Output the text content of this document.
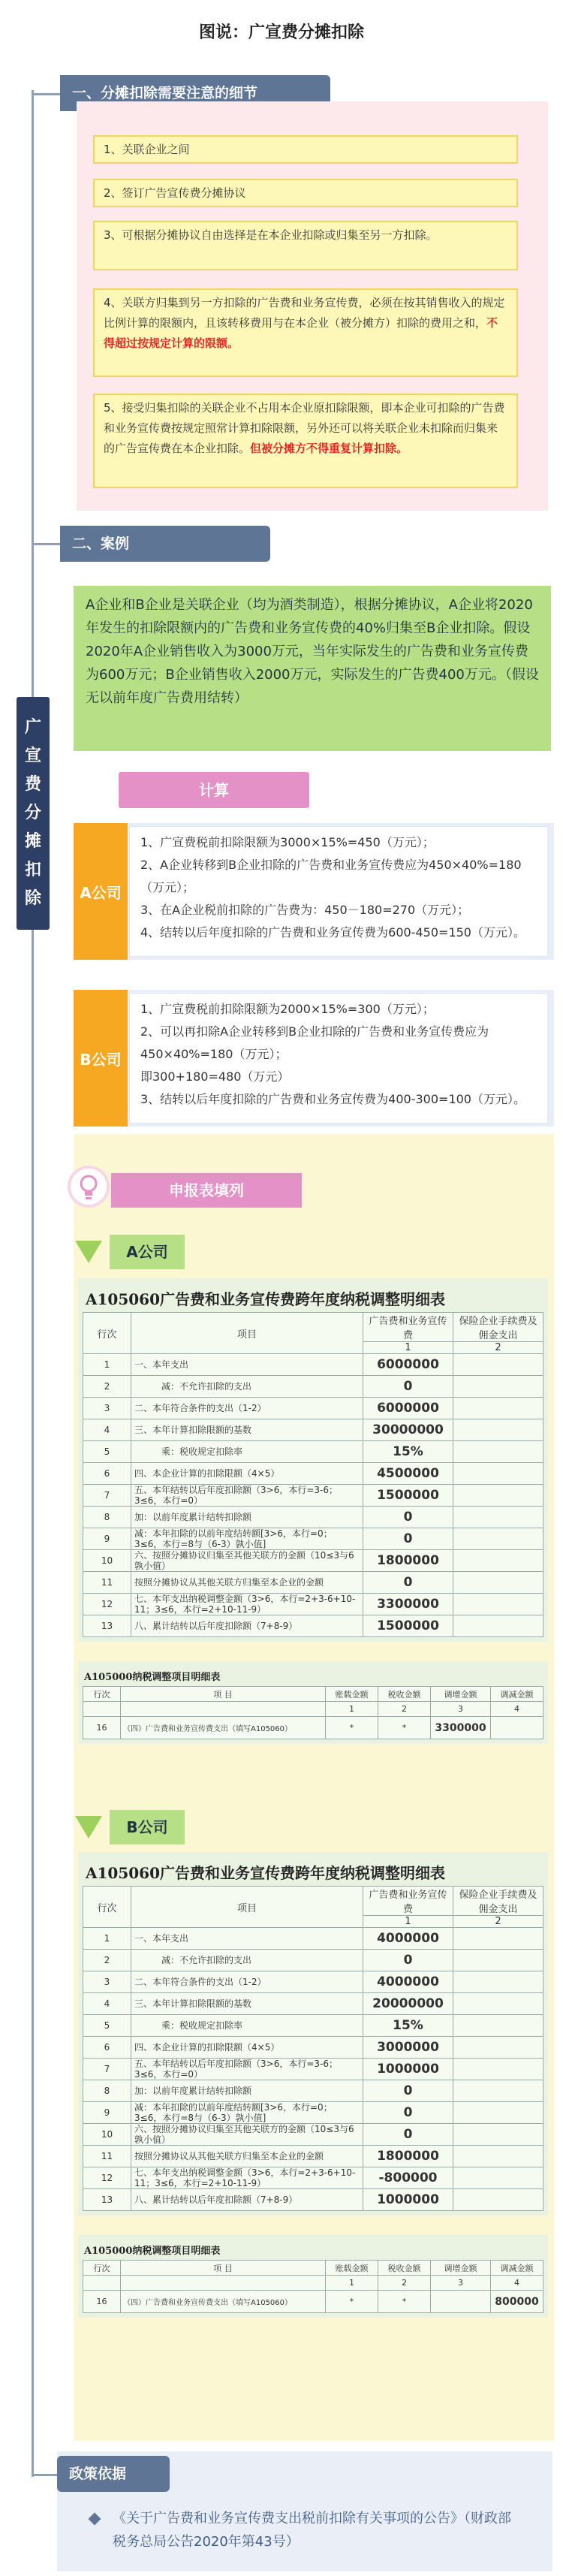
图说：广宣费分摊扣除
广
宣
费
分
摊
扣
除
一、分摊扣除需要注意的细节
1、关联企业之间
2、签订广告宣传费分摊协议
3、可根据分摊协议自由选择是在本企业扣除或归集至另一方扣除。
4、关联方归集到另一方扣除的广告费和业务宣传费，必须在按其销售收入的规定比例计算的限额内，且该转移费用与在本企业（被分摊方）扣除的费用之和，不得超过按规定计算的限额。
5、接受归集扣除的关联企业不占用本企业原扣除限额，即本企业可扣除的广告费和业务宣传费按规定照常计算扣除限额，另外还可以将关联企业未扣除而归集来的广告宣传费在本企业扣除。但被分摊方不得重复计算扣除。
二、案例
A企业和B企业是关联企业（均为酒类制造），根据分摊协议，A企业将2020年发生的扣除限额内的广告费和业务宣传费的40%归集至B企业扣除。假设2020年A企业销售收入为3000万元，当年实际发生的广告费和业务宣传费为600万元；B企业销售收入2000万元，实际发生的广告费400万元。（假设无以前年度广告费用结转）
计算
A公司
1、广宣费税前扣除限额为3000×15%=450（万元）；
2、A企业转移到B企业扣除的广告费和业务宣传费应为450×40%=180（万元）；
3、在A企业税前扣除的广告费为：450－180=270（万元）；
4、结转以后年度扣除的广告费和业务宣传费为600-450=150（万元）。
B公司
1、广宣费税前扣除限额为2000×15%=300（万元）；
2、可以再扣除A企业转移到B企业扣除的广告费和业务宣传费应为450×40%=180（万元）；
即300+180=480（万元）
3、结转以后年度扣除的广告费和业务宣传费为400-300=100（万元）。
申报表填列
A公司
A105060广告费和业务宣传费跨年度纳税调整明细表
行次	项目	广告费和业务宣传费	保险企业手续费及佣金支出
		1	2
1	一、本年支出	6000000	
2	减：不允许扣除的支出	0	
3	二、本年符合条件的支出（1-2）	6000000	
4	三、本年计算扣除限额的基数	30000000	
5	乘：税收规定扣除率	15%	
6	四、本企业计算的扣除限额（4×5）	4500000	
7	五、本年结转以后年度扣除额（3>6，本行=3-6；3≤6，本行=0）	1500000	
8	加：以前年度累计结转扣除额	0	
9	减：本年扣除的以前年度结转额[3>6，本行=0；3≤6，本行=8与（6-3）孰小值]	0	
10	六、按照分摊协议归集至其他关联方的金额（10≤3与6孰小值）	1800000	
11	按照分摊协议从其他关联方归集至本企业的金额	0	
12	七、本年支出纳税调整金额（3>6，本行=2+3-6+10-11；3≤6，本行=2+10-11-9）	3300000	
13	八、累计结转以后年度扣除额（7+8-9）	1500000	
A105000纳税调整项目明细表
行次	项 目	账载金额	税收金额	调增金额	调减金额
		1	2	3	4
16	（四）广告费和业务宣传费支出（填写A105060）	*	*	3300000	
B公司
A105060广告费和业务宣传费跨年度纳税调整明细表
行次	项目	广告费和业务宣传费	保险企业手续费及佣金支出
		1	2
1	一、本年支出	4000000	
2	减：不允许扣除的支出	0	
3	二、本年符合条件的支出（1-2）	4000000	
4	三、本年计算扣除限额的基数	20000000	
5	乘：税收规定扣除率	15%	
6	四、本企业计算的扣除限额（4×5）	3000000	
7	五、本年结转以后年度扣除额（3>6，本行=3-6；3≤6，本行=0）	1000000	
8	加：以前年度累计结转扣除额	0	
9	减：本年扣除的以前年度结转额[3>6，本行=0；3≤6，本行=8与（6-3）孰小值]	0	
10	六、按照分摊协议归集至其他关联方的金额（10≤3与6孰小值）	0	
11	按照分摊协议从其他关联方归集至本企业的金额	1800000	
12	七、本年支出纳税调整金额（3>6，本行=2+3-6+10-11；3≤6，本行=2+10-11-9）	-800000	
13	八、累计结转以后年度扣除额（7+8-9）	1000000	
A105000纳税调整项目明细表
行次	项 目	账载金额	税收金额	调增金额	调减金额
		1	2	3	4
16	（四）广告费和业务宣传费支出（填写A105060）	*	*		800000
政策依据
《关于广告费和业务宣传费支出税前扣除有关事项的公告》（财政部　税务总局公告2020年第43号）
